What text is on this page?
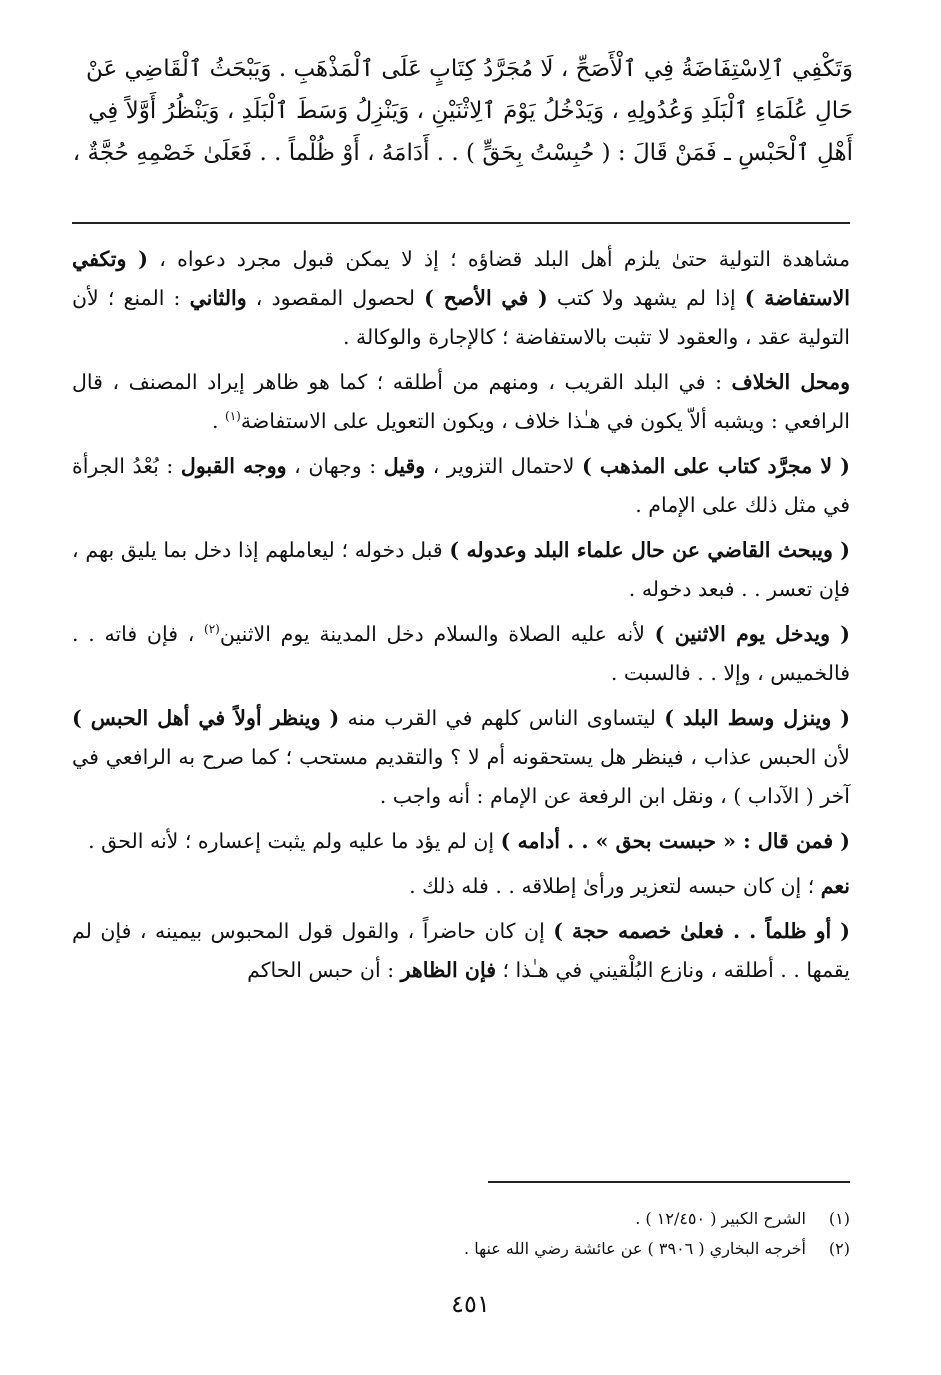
وَتَكْفِي ٱلِاسْتِفَاضَةُ فِي ٱلْأَصَحِّ ، لَا مُجَرَّدُ كِتَابٍ عَلَى ٱلْمَذْهَبِ . وَيَبْحَثُ ٱلْقَاضِي عَنْ
حَالِ عُلَمَاءِ ٱلْبَلَدِ وَعُدُولِهِ ، وَيَدْخُلُ يَوْمَ ٱلِاثْنَيْنِ ، وَيَنْزِلُ وَسَطَ ٱلْبَلَدِ ، وَيَنْظُرُ أَوَّلاً فِي
أَهْلِ ٱلْحَبْسِ ـ فَمَنْ قَالَ : ( حُبِسْتُ بِحَقٍّ ) . . أَدَامَهُ ، أَوْ ظُلْماً . . فَعَلَىٰ خَصْمِهِ حُجَّةٌ ،

مشاهدة التولية حتىٰ يلزم أهل البلد قضاؤه ؛ إذ لا يمكن قبول مجرد دعواه ، ( وتكفي الاستفاضة ) إذا لم يشهد ولا كتب ( في الأصح ) لحصول المقصود ، والثاني : المنع ؛ لأن التولية عقد ، والعقود لا تثبت بالاستفاضة ؛ كالإجارة والوكالة .

ومحل الخلاف : في البلد القريب ، ومنهم من أطلقه ؛ كما هو ظاهر إيراد المصنف ، قال الرافعي : ويشبه ألاّ يكون في هـٰذا خلاف ، ويكون التعويل على الاستفاضة$^{(١)}$ .

( لا مجرَّد كتاب على المذهب ) لاحتمال التزوير ، وقيل : وجهان ، ووجه القبول : بُعْدُ الجرأة في مثل ذلك على الإمام .

( ويبحث القاضي عن حال علماء البلد وعدوله ) قبل دخوله ؛ ليعاملهم إذا دخل بما يليق بهم ، فإن تعسر . . فبعد دخوله .

( ويدخل يوم الاثنين ) لأنه عليه الصلاة والسلام دخل المدينة يوم الاثنين$^{(٢)}$ ، فإن فاته . . فالخميس ، وإلا . . فالسبت .

( وينزل وسط البلد ) ليتساوى الناس كلهم في القرب منه ( وينظر أولاً في أهل الحبس ) لأن الحبس عذاب ، فينظر هل يستحقونه أم لا ؟ والتقديم مستحب ؛ كما صرح به الرافعي في آخر ( الآداب ) ، ونقل ابن الرفعة عن الإمام : أنه واجب .

( فمن قال : « حبست بحق » . . أدامه ) إن لم يؤد ما عليه ولم يثبت إعساره ؛ لأنه الحق .

نعم ؛ إن كان حبسه لتعزير ورأىٰ إطلاقه . . فله ذلك .

( أو ظلماً . . فعلىٰ خصمه حجة ) إن كان حاضراً ، والقول قول المحبوس بيمينه ، فإن لم يقمها . . أطلقه ، ونازع البُلْقيني في هـٰذا ؛ فإن الظاهر : أن حبس الحاكم

(١)
الشرح الكبير ( ١٢/٤٥٠ ) .
(٢)
أخرجه البخاري ( ٣٩٠٦ ) عن عائشة رضي الله عنها .
٤٥١
